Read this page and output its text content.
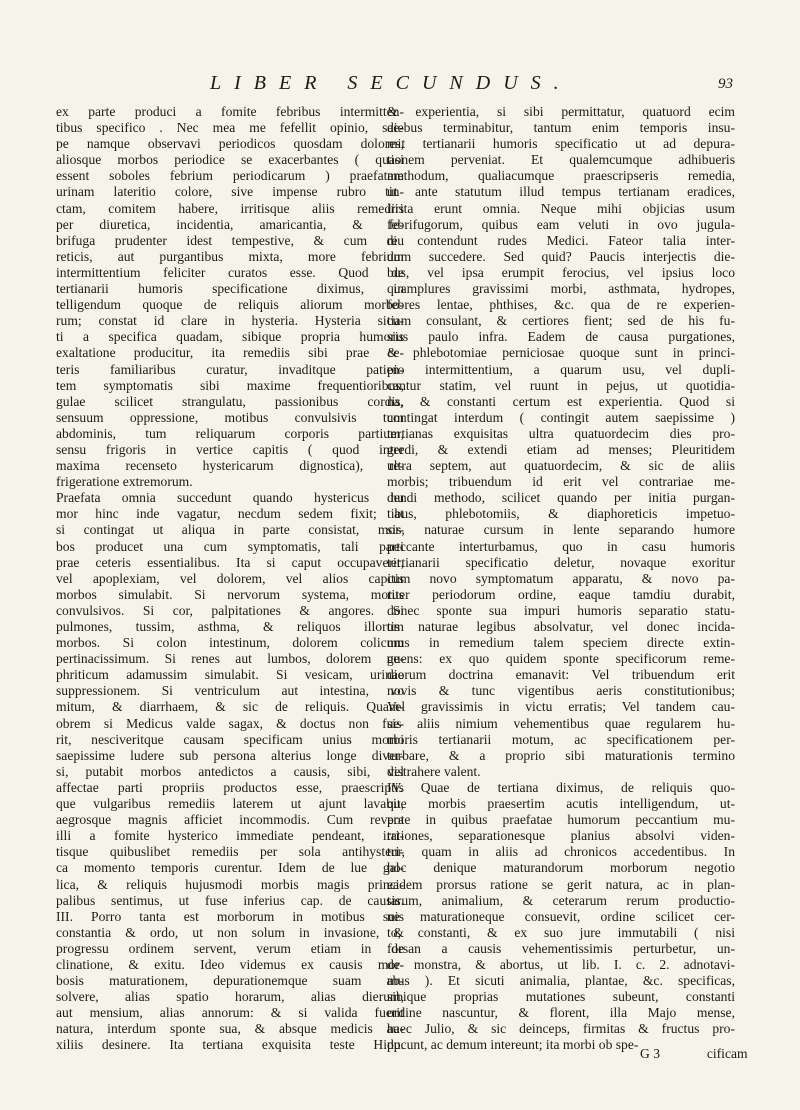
LIBER SECUNDUS.	93
ex parte produci a fomite febribus intermitten-
tibus specifico . Nec mea me fefellit opinio, sae-
pe namque observavi periodicos quosdam dolores,
aliosque morbos periodice se exacerbantes ( quasi
essent soboles febrium periodicarum ) praefatam
urinam lateritio colore, sive impense rubro tin-
ctam, comitem habere, irritisque aliis remediis
per diuretica, incidentia, amaricantia, & fe-
brifuga prudenter idest tempestive, & cum diu
reticis, aut purgantibus mixta, more febrium
intermittentium feliciter curatos esse. Quod de
tertianarii humoris specificatione diximus, in
telligendum quoque de reliquis aliorum morbo-
rum; constat id clare in hysteria. Hysteria sicu-
ti a specifica quadam, sibique propria humoris
exaltatione producitur, ita remediis sibi prae ce-
teris familiaribus curatur, invaditque patien-
tem symptomatis sibi maxime frequentioribus,
gulae scilicet strangulatu, passionibus cordis,
sensuum oppressione, motibus convulsivis tum
abdominis, tum reliquarum corporis partium,
sensu frigoris in vertice capitis ( quod inter
maxima recensetο hystericarum dignostica), re-
frigeratione extremorum.
Praefata omnia succedunt quando hystericus hu
mor hinc inde vagatur, necdum sedem fixit; at
si contingat ut aliqua in parte consistat, mor-
bos producet una cum symptomatis, tali parti
prae ceteris essentialibus. Ita si caput occupaverit,
vel apoplexiam, vel dolorem, vel alios capitis
morbos simulabit. Si nervorum systema, motus
convulsivos. Si cor, palpitationes & angores. Si
pulmones, tussim, asthma, & reliquos illorum
morbos. Si colon intestinum, dolorem colicum
pertinacissimum. Si renes aut lumbos, dolorem ne-
phriticum adamussim simulabit. Si vesicam, urinae
suppressionem. Si ventriculum aut intestina, vo
mitum, & diarrhaem, & sic de reliquis. Quam-
obrem si Medicus valde sagax, & doctus non fue-
rit, nesciveritque causam specificam unius morbi
saepissime ludere sub persona alterius longe diver-
si, putabit morbos antedictos a causis, sibi, vel
affectae parti propriis productos esse, praescriptis
que vulgaribus remediis laterem ut ajunt lavabit,
aegrosque magnis afficiet incommodis. Cum revera
illi a fomite hysterico immediate pendeant, irri-
tisque quibuslibet remediis per sola antihysteri-
ca momento temporis curentur. Idem de lue gal-
lica, & reliquis hujusmodi morbis magis princi-
palibus sentimus, ut fuse inferius cap. de causis.
III. Porro tanta est morborum in motibus suis
constantia & ordo, ut non solum in invasione, &
progressu ordinem servent, verum etiam in de
clinatione, & exitu. Ideo videmus ex causis mor-
bosis maturationem, depurationemque suam ab-
solvere, alias spatio horarum, alias dierum,
aut mensium, alias annorum: & si valida fuerit
natura, interdum sponte sua, & absque medicis au-
xiliis desinere. Ita tertiana exquisita teste Hipp.
& experientia, si sibi permittatur, quatuord ecim
diebus terminabitur, tantum enim temporis insu-
mit tertianarii humoris specificatio ut ad depura-
tionem perveniat. Et qualemcumque adhibueris
methodum, qualiacumque praescripseris remedia,
ut ante statutum illud tempus tertianam eradices,
irrita erunt omnia. Neque mihi objicias usum
febrifugorum, quibus eam veluti in ovo jugula-
re contendunt rudes Medici. Fateor talia inter-
dum succedere. Sed quid? Paucis interjectis die-
bus, vel ipsa erumpit ferocius, vel ipsius loco
quamplures gravissimi morbi, asthmata, hydropes,
febres lentae, phthises, &c. qua de re experien-
tiam consulant, & certiores fient; sed de his fu-
sius paulo infra. Eadem de causa purgationes,
& phlebotomiae perniciosae quoque sunt in princi-
pio intermittentium, a quarum usu, vel dupli-
cantur statim, vel ruunt in pejus, ut quotidia-
na, & constanti certum est experientia. Quod si
contingat interdum ( contingit autem saepissime )
tertianas exquisitas ultra quatuordecim dies pro-
gredi, & extendi etiam ad menses; Pleuritidem
ultra septem, aut quatuordecim, & sic de aliis
morbis; tribuendum id erit vel contrariae me-
dendi methodo, scilicet quando per initia purgan-
tibus, phlebotomiis, & diaphoreticis impetuo-
sis, naturae cursum in lente separando humore
peccante interturbamus, quo in casu humoris
tertianarii specificatio deletur, novaque exoritur
cum novo symptomatum apparatu, & novo pa-
riter periodorum ordine, eaque tamdiu durabit,
donec sponte sua impuri humoris separatio statu-
tis naturae legibus absolvatur, vel donec incida-
mus in remedium talem speciem directe extin-
guens: ex quo quidem sponte specificorum reme-
diorum doctrina emanavit: Vel tribuendum erit
novis & tunc vigentibus aeris constitutionibus;
Vel gravissimis in victu erratis; Vel tandem cau-
sis aliis nimium vehementibus quae regularem hu-
moris tertianarii motum, ac specificationem per-
turbare, & a proprio sibi maturationis termino
distrahere valent.
IV. Quae de tertiana diximus, de reliquis quo-
que morbis praesertim acutis intelligendum, ut-
pote in quibus praefatae humorum peccantium mu-
tationes, separationesque planius absolvi viden-
tur, quam in aliis ad chronicos accedentibus. In
hoc denique maturandorum morborum negotio
eadem prorsus ratione se gerit natura, ac in plan-
tarum, animalium, & ceterarum rerum productio-
ne maturationeque consuevit, ordine scilicet cer-
to, constanti, & ex suo jure immutabili ( nisi
forsan a causis vehementissimis perturbetur, un-
de monstra, & abortus, ut lib. I. c. 2. adnotavi-
mus ). Et sicuti animalia, plantae, &c. specificas,
sibique proprias mutationes subeunt, constanti
ordine nascuntur, & florent, illa Majo mense,
haec Julio, & sic deinceps, firmitas & fructus pro-
ducunt, ac demum intereunt; ita morbi ob spe-
G 3	cificam
